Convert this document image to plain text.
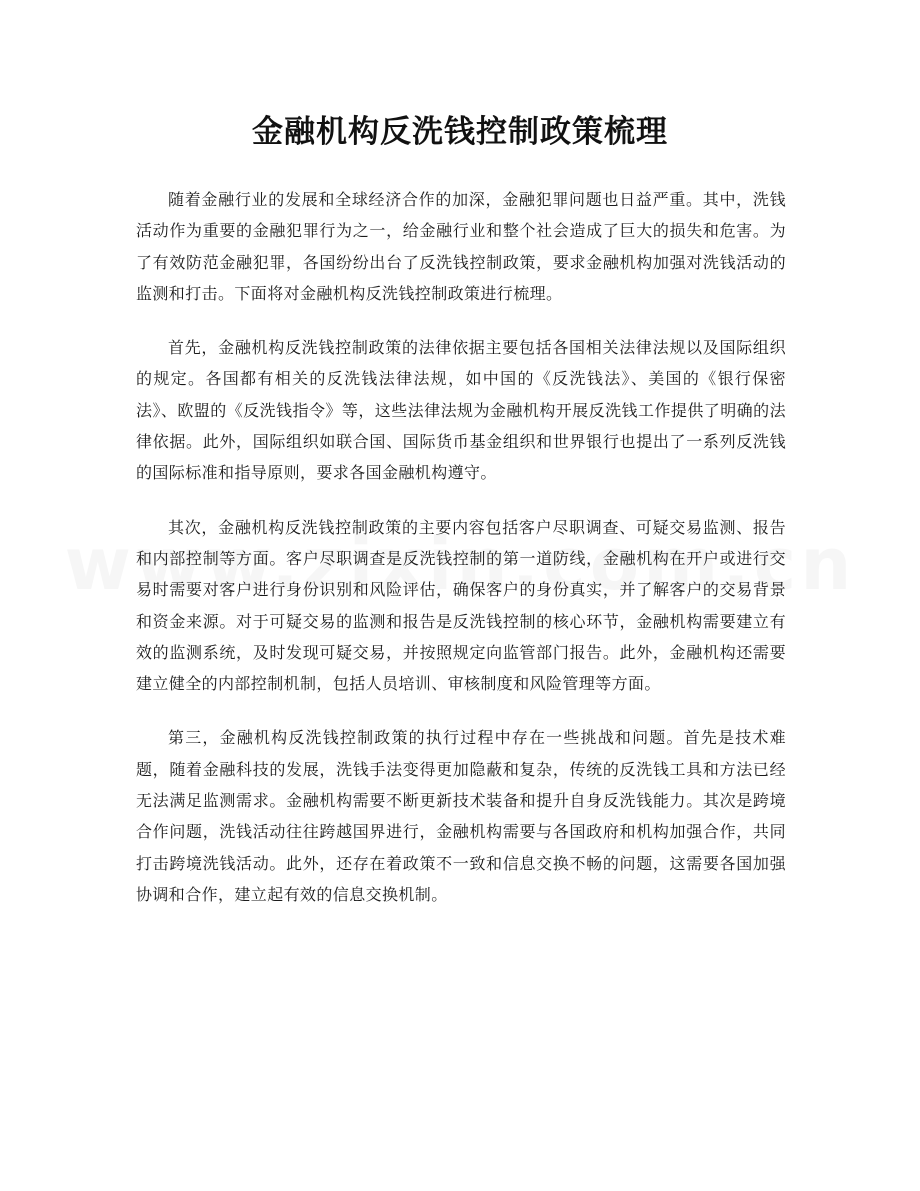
金融机构反洗钱控制政策梳理

随着金融行业的发展和全球经济合作的加深，金融犯罪问题也日益严重。其中，洗钱活动作为重要的金融犯罪行为之一，给金融行业和整个社会造成了巨大的损失和危害。为了有效防范金融犯罪，各国纷纷出台了反洗钱控制政策，要求金融机构加强对洗钱活动的监测和打击。下面将对金融机构反洗钱控制政策进行梳理。

首先，金融机构反洗钱控制政策的法律依据主要包括各国相关法律法规以及国际组织的规定。各国都有相关的反洗钱法律法规，如中国的《反洗钱法》、美国的《银行保密法》、欧盟的《反洗钱指令》等，这些法律法规为金融机构开展反洗钱工作提供了明确的法律依据。此外，国际组织如联合国、国际货币基金组织和世界银行也提出了一系列反洗钱的国际标准和指导原则，要求各国金融机构遵守。

其次，金融机构反洗钱控制政策的主要内容包括客户尽职调查、可疑交易监测、报告和内部控制等方面。客户尽职调查是反洗钱控制的第一道防线，金融机构在开户或进行交易时需要对客户进行身份识别和风险评估，确保客户的身份真实，并了解客户的交易背景和资金来源。对于可疑交易的监测和报告是反洗钱控制的核心环节，金融机构需要建立有效的监测系统，及时发现可疑交易，并按照规定向监管部门报告。此外，金融机构还需要建立健全的内部控制机制，包括人员培训、审核制度和风险管理等方面。

第三，金融机构反洗钱控制政策的执行过程中存在一些挑战和问题。首先是技术难题，随着金融科技的发展，洗钱手法变得更加隐蔽和复杂，传统的反洗钱工具和方法已经无法满足监测需求。金融机构需要不断更新技术装备和提升自身反洗钱能力。其次是跨境合作问题，洗钱活动往往跨越国界进行，金融机构需要与各国政府和机构加强合作，共同打击跨境洗钱活动。此外，还存在着政策不一致和信息交换不畅的问题，这需要各国加强协调和合作，建立起有效的信息交换机制。
